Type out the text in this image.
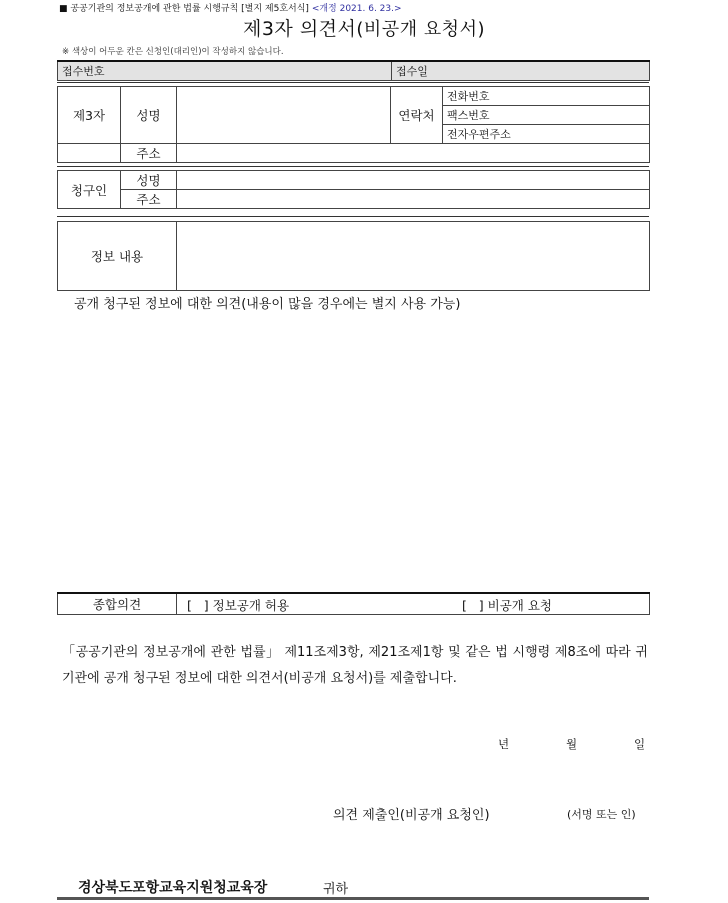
■ 공공기관의 정보공개에 관한 법률 시행규칙 [별지 제5호서식] <개정 2021. 6. 23.>
제3자 의견서(비공개 요청서)
※ 색상이 어두운 칸은 신청인(대리인)이 작성하지 않습니다.
접수번호	접수일
제3자	성명		연락처	전화번호
				팩스번호
				전자우편주소
	주소			
청구인	성명	
	주소	
정보 내용	
공개 청구된 정보에 대한 의견(내용이 많을 경우에는 별지 사용 가능)
종합의견	[   ] 정보공개 허용	[   ] 비공개 요청
「공공기관의 정보공개에 관한 법률」 제11조제3항, 제21조제1항 및 같은 법 시행령 제8조에 따라 귀 기관에 공개 청구된 정보에 대한 의견서(비공개 요청서)를 제출합니다.
년	월	일
의견 제출인(비공개 요청인)	(서명 또는 인)
경상북도포항교육지원청교육장	귀하
